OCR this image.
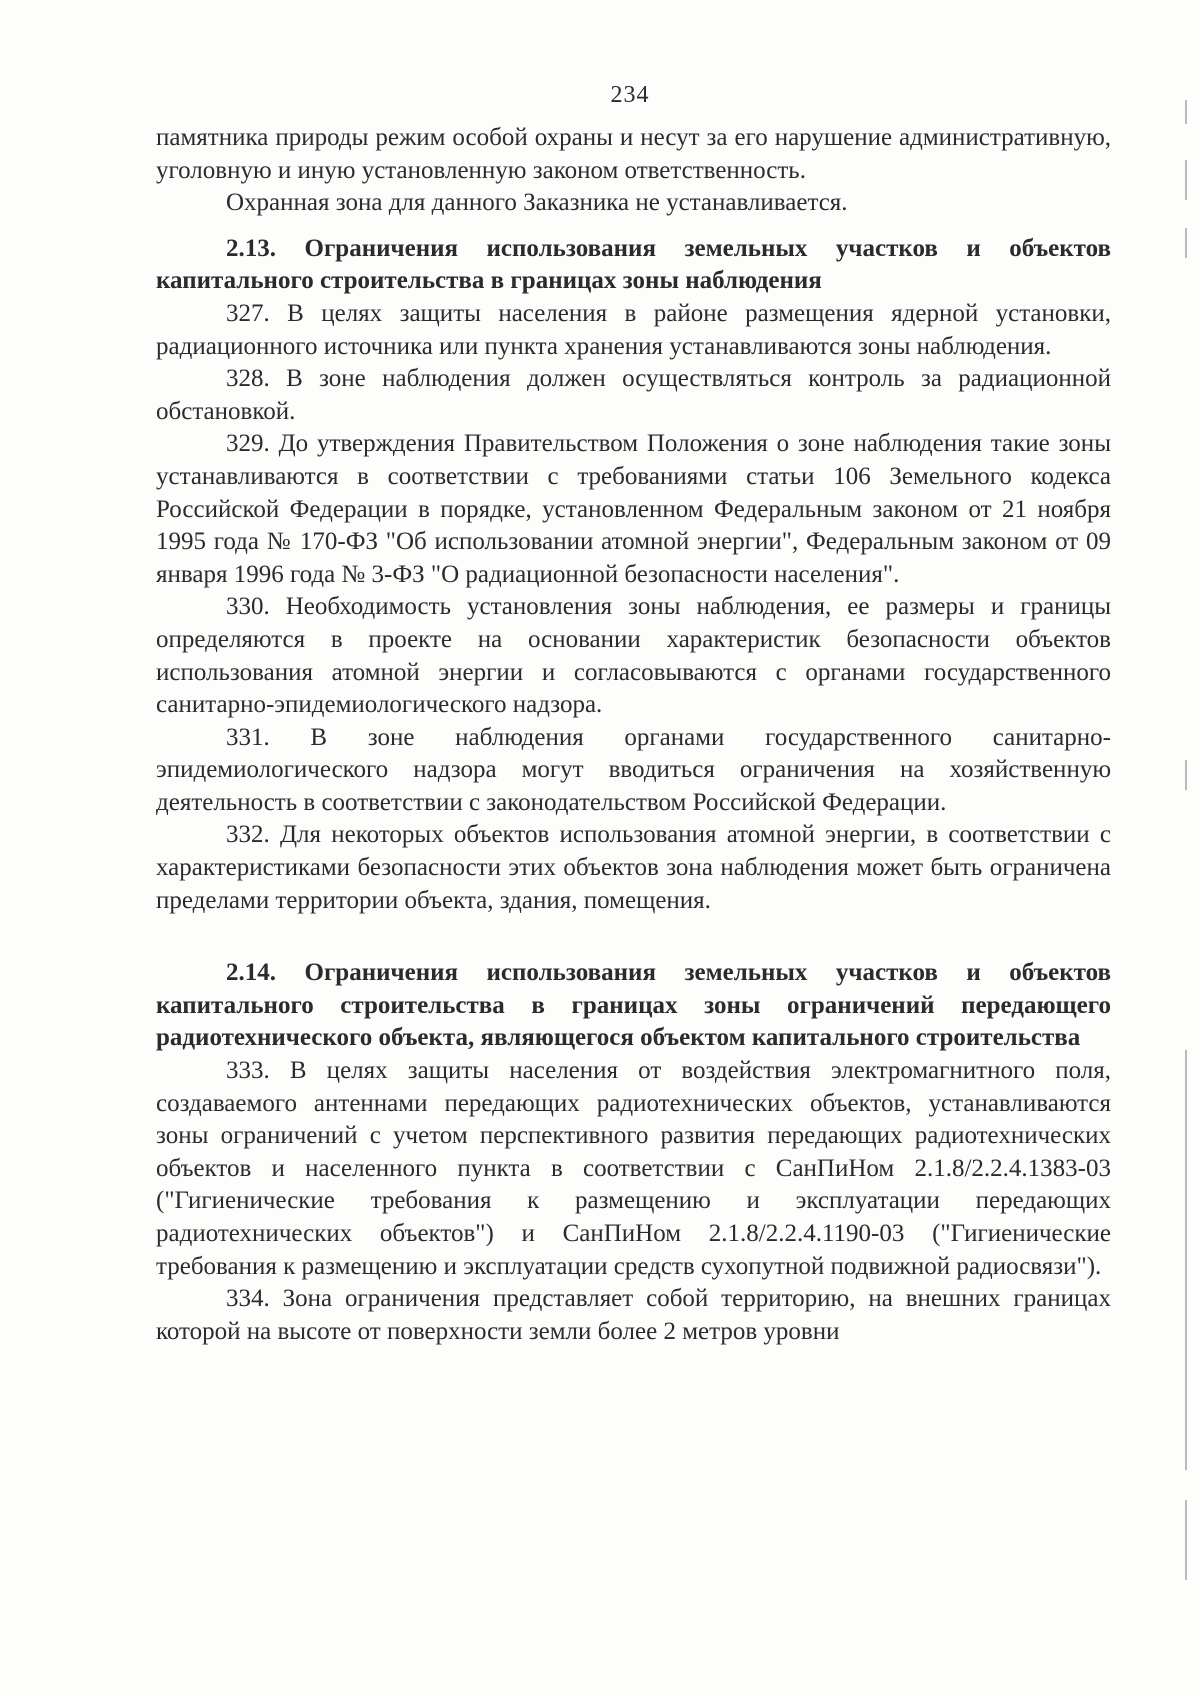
234

памятника природы режим особой охраны и несут за его нарушение административную, уголовную и иную установленную законом ответственность.

Охранная зона для данного Заказника не устанавливается.

2.13. Ограничения использования земельных участков и объектов капитального строительства в границах зоны наблюдения

327. В целях защиты населения в районе размещения ядерной установки, радиационного источника или пункта хранения устанавливаются зоны наблюдения.

328. В зоне наблюдения должен осуществляться контроль за радиационной обстановкой.

329. До утверждения Правительством Положения о зоне наблюдения такие зоны устанавливаются в соответствии с требованиями статьи 106 Земельного кодекса Российской Федерации в порядке, установленном Федеральным законом от 21 ноября 1995 года № 170-ФЗ "Об использовании атомной энергии", Федеральным законом от 09 января 1996 года № 3-ФЗ "О радиационной безопасности населения".

330. Необходимость установления зоны наблюдения, ее размеры и границы определяются в проекте на основании характеристик безопасности объектов использования атомной энергии и согласовываются с органами государственного санитарно-эпидемиологического надзора.

331. В зоне наблюдения органами государственного санитарно-эпидемиологического надзора могут вводиться ограничения на хозяйственную деятельность в соответствии с законодательством Российской Федерации.

332. Для некоторых объектов использования атомной энергии, в соответствии с характеристиками безопасности этих объектов зона наблюдения может быть ограничена пределами территории объекта, здания, помещения.

2.14. Ограничения использования земельных участков и объектов капитального строительства в границах зоны ограничений передающего радиотехнического объекта, являющегося объектом капитального строительства

333. В целях защиты населения от воздействия электромагнитного поля, создаваемого антеннами передающих радиотехнических объектов, устанавливаются зоны ограничений с учетом перспективного развития передающих радиотехнических объектов и населенного пункта в соответствии с СанПиНом 2.1.8/2.2.4.1383-03 ("Гигиенические требования к размещению и эксплуатации передающих радиотехнических объектов") и СанПиНом 2.1.8/2.2.4.1190-03 ("Гигиенические требования к размещению и эксплуатации средств сухопутной подвижной радиосвязи").

334. Зона ограничения представляет собой территорию, на внешних границах которой на высоте от поверхности земли более 2 метров уровни
